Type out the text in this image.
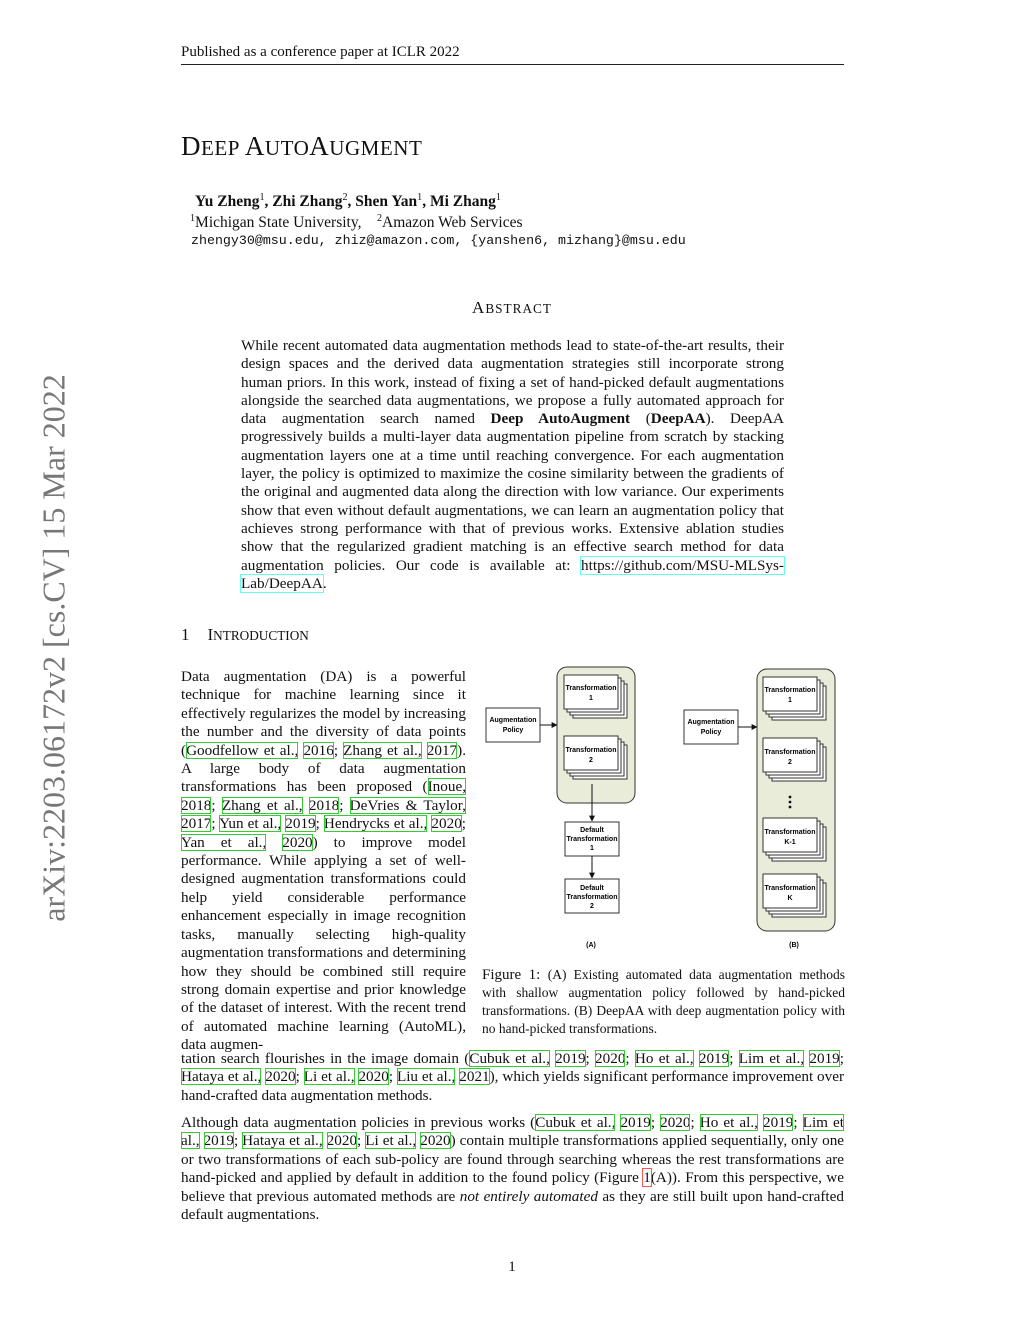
Published as a conference paper at ICLR 2022
arXiv:2203.06172v2 [cs.CV] 15 Mar 2022
DEEP AUTOAUGMENT
Yu Zheng$^1$, Zhi Zhang$^2$, Shen Yan$^1$, Mi Zhang$^1$
$^1$Michigan State University, $^2$Amazon Web Services
zhengy30@msu.edu, zhiz@amazon.com, {yanshen6, mizhang}@msu.edu
ABSTRACT
While recent automated data augmentation methods lead to state-of-the-art results, their design spaces and the derived data augmentation strategies still incorporate strong human priors. In this work, instead of fixing a set of hand-picked default augmentations alongside the searched data augmentations, we propose a fully automated approach for data augmentation search named Deep AutoAugment (DeepAA). DeepAA progressively builds a multi-layer data augmentation pipeline from scratch by stacking augmentation layers one at a time until reaching convergence. For each augmentation layer, the policy is optimized to maximize the cosine similarity between the gradients of the original and augmented data along the direction with low variance. Our experiments show that even without default augmentations, we can learn an augmentation policy that achieves strong performance with that of previous works. Extensive ablation studies show that the regularized gradient matching is an effective search method for data augmentation policies. Our code is available at: https://github.com/MSU-MLSys-Lab/DeepAA.
1 INTRODUCTION
Data augmentation (DA) is a powerful technique for machine learning since it effectively regularizes the model by increasing the number and the diversity of data points (Goodfellow et al., 2016; Zhang et al., 2017). A large body of data augmentation transformations has been proposed (Inoue, 2018; Zhang et al., 2018; DeVries & Taylor, 2017; Yun et al., 2019; Hendrycks et al., 2020; Yan et al., 2020) to improve model performance. While applying a set of well-designed augmentation transformations could help yield considerable performance enhancement especially in image recognition tasks, manually selecting high-quality augmentation transformations and determining how they should be combined still require strong domain expertise and prior knowledge of the dataset of interest. With the recent trend of automated machine learning (AutoML), data augmen-
Augmentation
Policy
Augmentation
Policy
Transformation
1
Transformation
2
Default
Transformation
1
Default
Transformation
2
Transformation
1
Transformation
2
Transformation
K-1
Transformation
K
(A)	(B)
Figure 1: (A) Existing automated data augmentation methods with shallow augmentation policy followed by hand-picked transformations. (B) DeepAA with deep augmentation policy with no hand-picked transformations.
tation search flourishes in the image domain (Cubuk et al., 2019; 2020; Ho et al., 2019; Lim et al., 2019; Hataya et al., 2020; Li et al., 2020; Liu et al., 2021), which yields significant performance improvement over hand-crafted data augmentation methods.
Although data augmentation policies in previous works (Cubuk et al., 2019; 2020; Ho et al., 2019; Lim et al., 2019; Hataya et al., 2020; Li et al., 2020) contain multiple transformations applied sequentially, only one or two transformations of each sub-policy are found through searching whereas the rest transformations are hand-picked and applied by default in addition to the found policy (Figure 1(A)). From this perspective, we believe that previous automated methods are not entirely automated as they are still built upon hand-crafted default augmentations.
1
